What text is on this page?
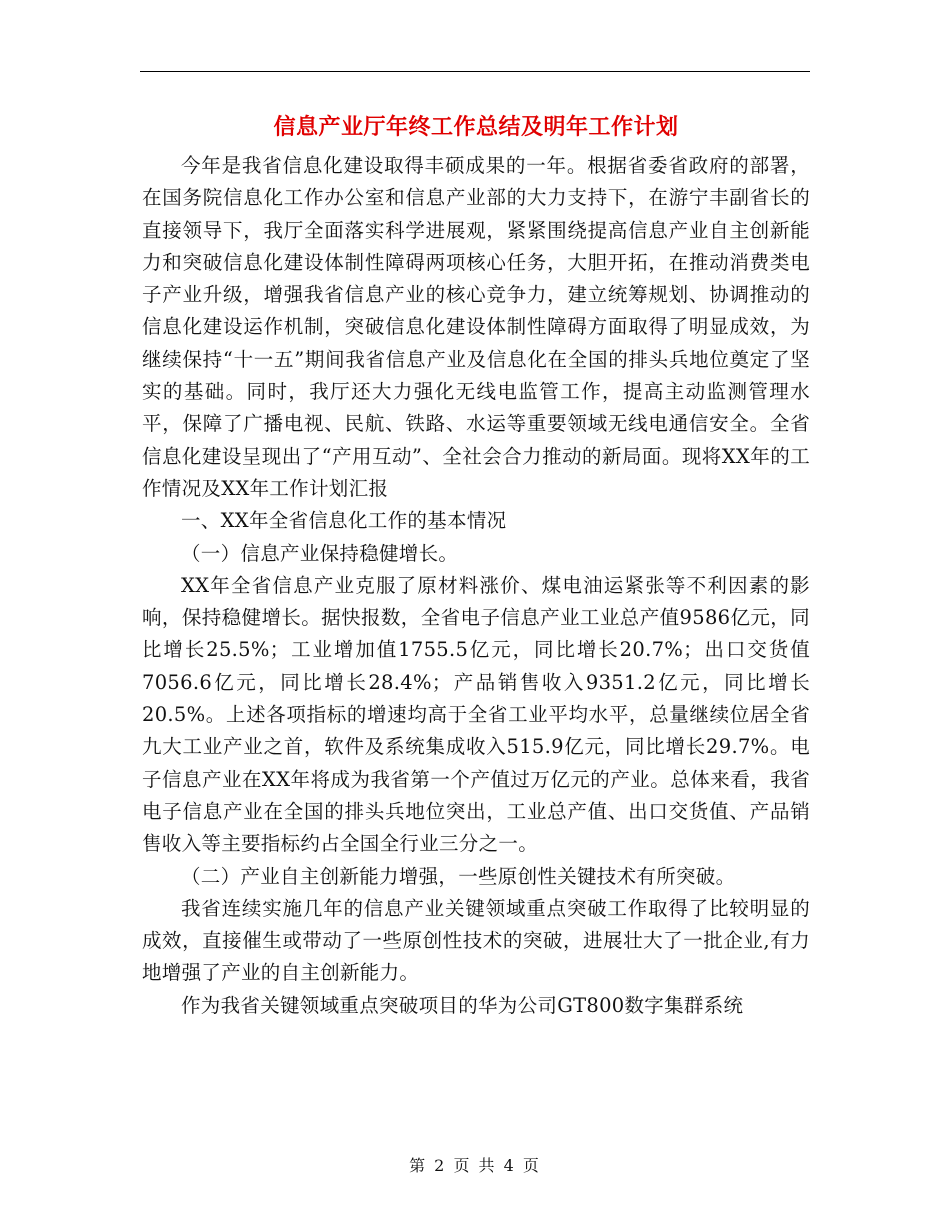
信息产业厅年终工作总结及明年工作计划

今年是我省信息化建设取得丰硕成果的一年。根据省委省政府的部署，在国务院信息化工作办公室和信息产业部的大力支持下，在游宁丰副省长的直接领导下，我厅全面落实科学进展观，紧紧围绕提高信息产业自主创新能力和突破信息化建设体制性障碍两项核心任务，大胆开拓，在推动消费类电子产业升级，增强我省信息产业的核心竞争力，建立统筹规划、协调推动的信息化建设运作机制，突破信息化建设体制性障碍方面取得了明显成效，为继续保持“十一五”期间我省信息产业及信息化在全国的排头兵地位奠定了坚实的基础。同时，我厅还大力强化无线电监管工作，提高主动监测管理水平，保障了广播电视、民航、铁路、水运等重要领域无线电通信安全。全省信息化建设呈现出了“产用互动”、全社会合力推动的新局面。现将XX年的工作情况及XX年工作计划汇报

一、XX年全省信息化工作的基本情况

（一）信息产业保持稳健增长。

XX年全省信息产业克服了原材料涨价、煤电油运紧张等不利因素的影响，保持稳健增长。据快报数，全省电子信息产业工业总产值9586亿元，同比增长25.5%；工业增加值1755.5亿元，同比增长20.7%；出口交货值7056.6亿元，同比增长28.4%；产品销售收入9351.2亿元，同比增长20.5%。上述各项指标的增速均高于全省工业平均水平，总量继续位居全省九大工业产业之首，软件及系统集成收入515.9亿元，同比增长29.7%。电子信息产业在XX年将成为我省第一个产值过万亿元的产业。总体来看，我省电子信息产业在全国的排头兵地位突出，工业总产值、出口交货值、产品销售收入等主要指标约占全国全行业三分之一。

（二）产业自主创新能力增强，一些原创性关键技术有所突破。

我省连续实施几年的信息产业关键领域重点突破工作取得了比较明显的成效，直接催生或带动了一些原创性技术的突破，进展壮大了一批企业,有力地增强了产业的自主创新能力。

作为我省关键领域重点突破项目的华为公司GT800数字集群系统

第 2 页 共 4 页
